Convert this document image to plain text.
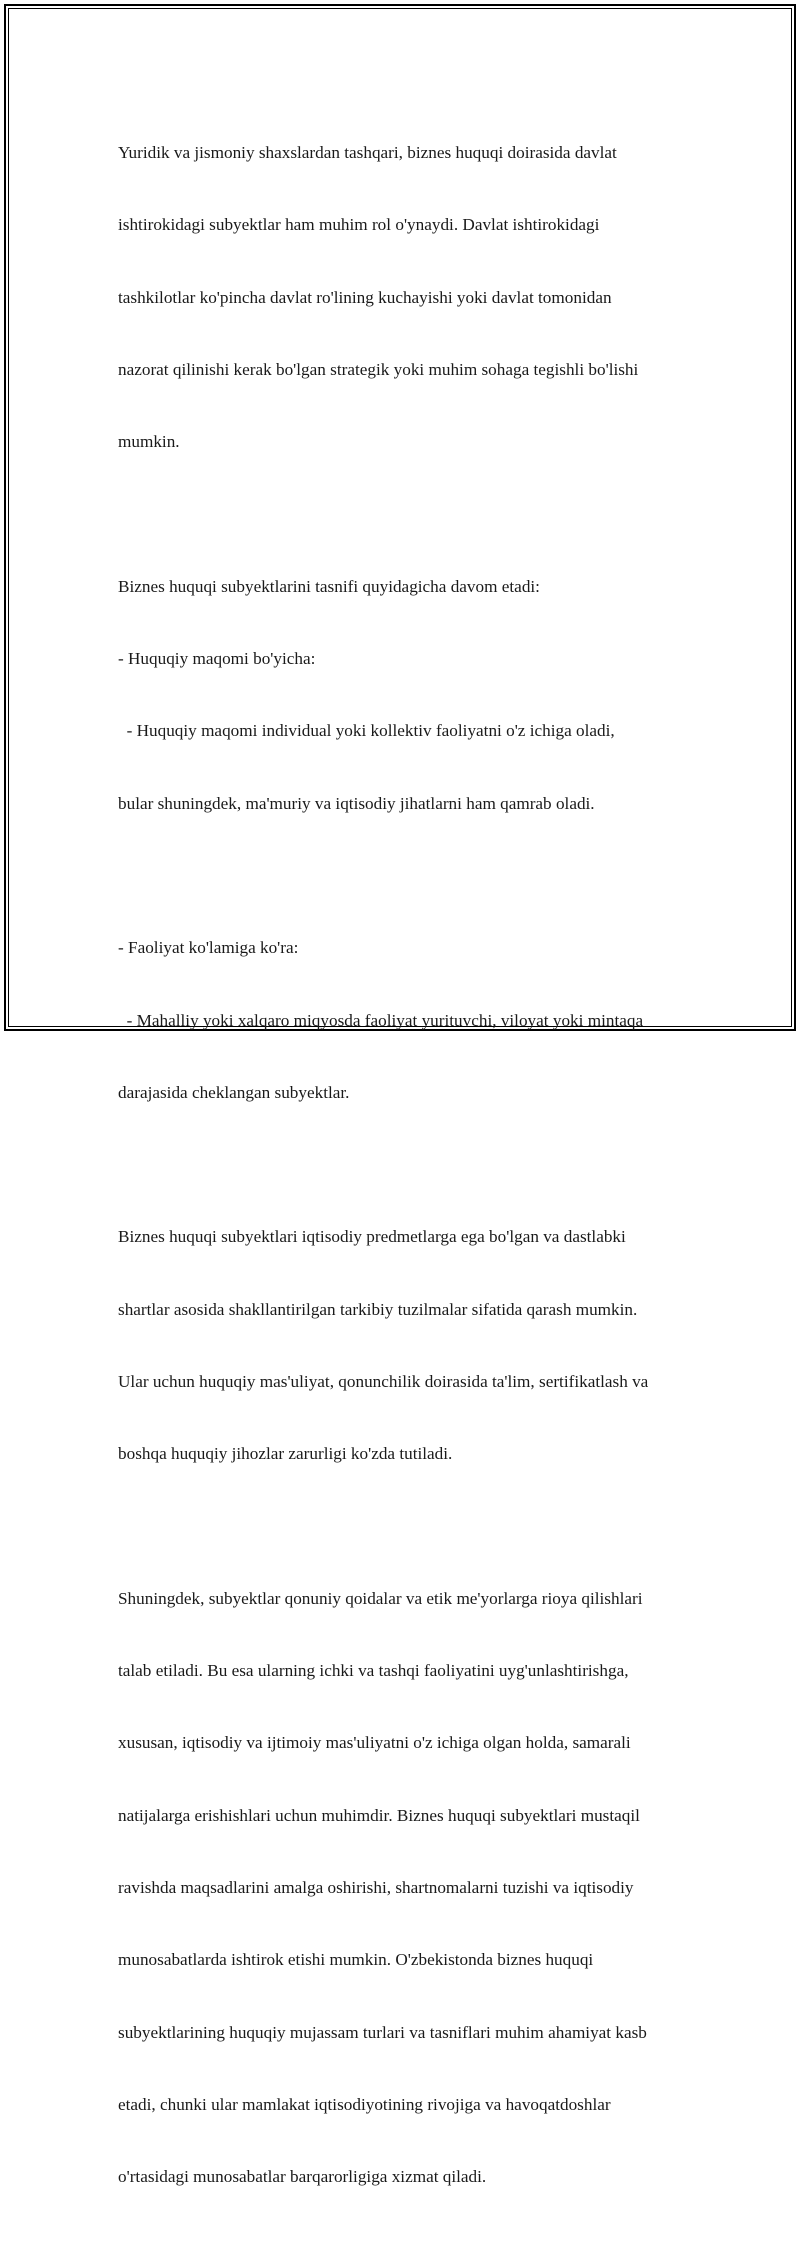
Yuridik va jismoniy shaxslardan tashqari, biznes huquqi doirasida davlat

ishtirokidagi subyektlar ham muhim rol o'ynaydi. Davlat ishtirokidagi

tashkilotlar ko'pincha davlat ro'lining kuchayishi yoki davlat tomonidan

nazorat qilinishi kerak bo'lgan strategik yoki muhim sohaga tegishli bo'lishi

mumkin.

Biznes huquqi subyektlarini tasnifi quyidagicha davom etadi:

- Huquqiy maqomi bo'yicha:

- Huquqiy maqomi individual yoki kollektiv faoliyatni o'z ichiga oladi,

bular shuningdek, ma'muriy va iqtisodiy jihatlarni ham qamrab oladi.

- Faoliyat ko'lamiga ko'ra:

- Mahalliy yoki xalqaro miqyosda faoliyat yurituvchi, viloyat yoki mintaqa

darajasida cheklangan subyektlar.

Biznes huquqi subyektlari iqtisodiy predmetlarga ega bo'lgan va dastlabki

shartlar asosida shakllantirilgan tarkibiy tuzilmalar sifatida qarash mumkin.

Ular uchun huquqiy mas'uliyat, qonunchilik doirasida ta'lim, sertifikatlash va

boshqa huquqiy jihozlar zarurligi ko'zda tutiladi.

Shuningdek, subyektlar qonuniy qoidalar va etik me'yorlarga rioya qilishlari

talab etiladi. Bu esa ularning ichki va tashqi faoliyatini uyg'unlashtirishga,

xususan, iqtisodiy va ijtimoiy mas'uliyatni o'z ichiga olgan holda, samarali

natijalarga erishishlari uchun muhimdir. Biznes huquqi subyektlari mustaqil

ravishda maqsadlarini amalga oshirishi, shartnomalarni tuzishi va iqtisodiy

munosabatlarda ishtirok etishi mumkin. O'zbekistonda biznes huquqi

subyektlarining huquqiy mujassam turlari va tasniflari muhim ahamiyat kasb

etadi, chunki ular mamlakat iqtisodiyotining rivojiga va havoqatdoshlar

o'rtasidagi munosabatlar barqarorligiga xizmat qiladi.
